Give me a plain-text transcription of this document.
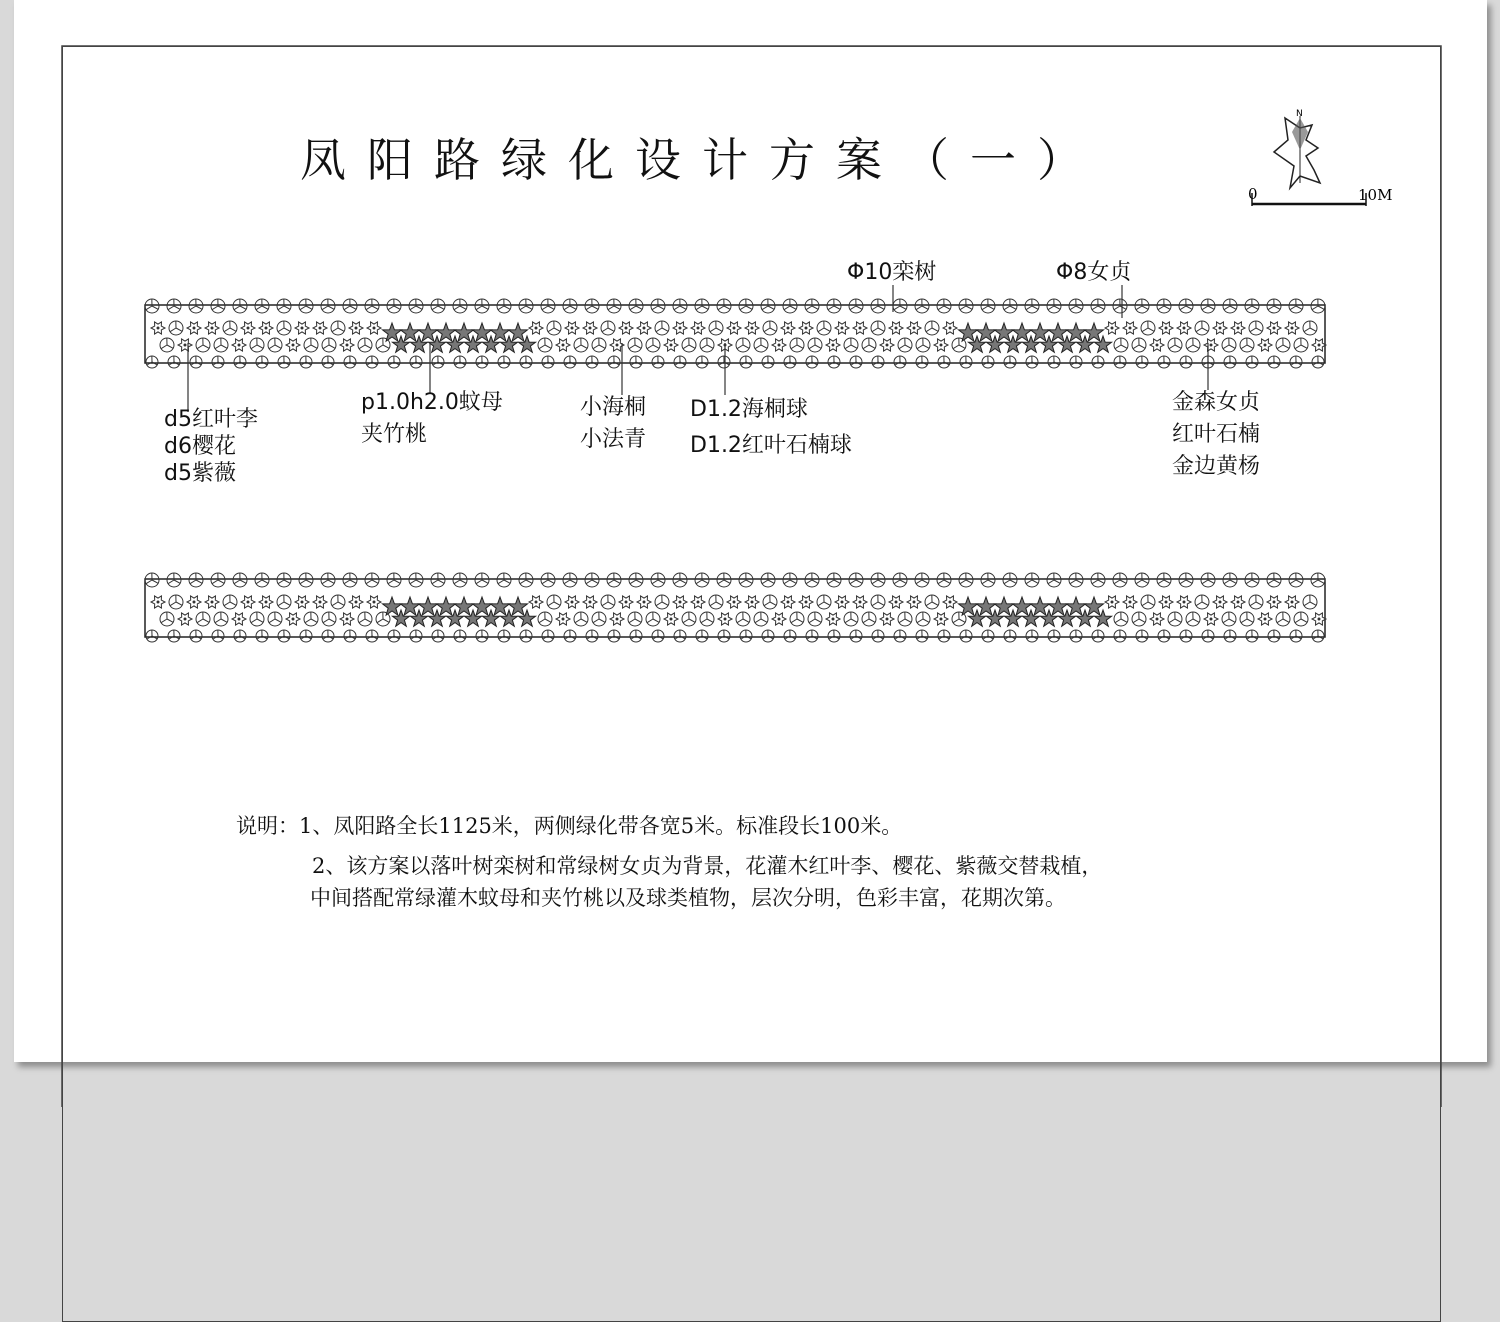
凤阳路绿化设计方案（一）
N
0	10M
Φ10栾树	Φ8女贞
d5红叶李
d6樱花
d5紫薇
p1.0h2.0蚊母
夹竹桃
小海桐
小法青
D1.2海桐球
D1.2红叶石楠球
金森女贞
红叶石楠
金边黄杨
说明：1、凤阳路全长1125米，两侧绿化带各宽5米。标准段长100米。
2、该方案以落叶树栾树和常绿树女贞为背景，花灌木红叶李、樱花、紫薇交替栽植，
中间搭配常绿灌木蚊母和夹竹桃以及球类植物，层次分明，色彩丰富，花期次第。
